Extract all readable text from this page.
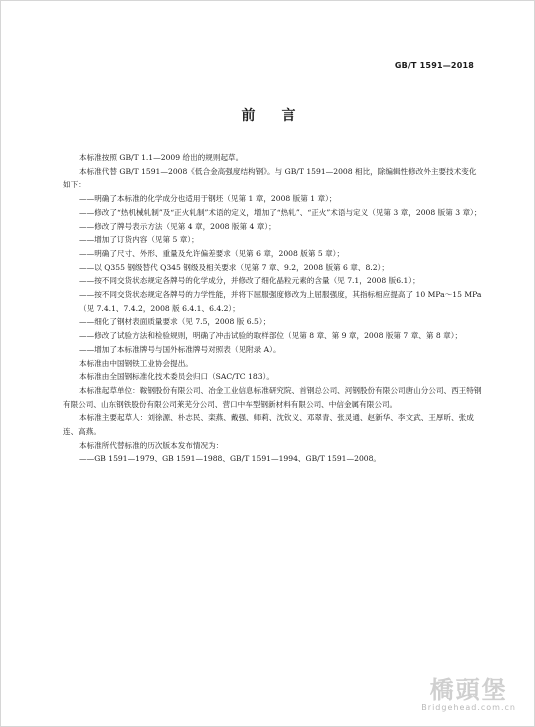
GB/T 1591—2018
前言

本标准按照 GB/T 1.1—2009 给出的规则起草。

本标准代替 GB/T 1591—2008《低合金高强度结构钢》。与 GB/T 1591—2008 相比，除编辑性修改外主要技术变化如下：

——明确了本标准的化学成分也适用于钢坯（见第 1 章，2008 版第 1 章）；

——修改了“热机械轧制”及“正火轧制”术语的定义，增加了“热轧”、“正火”术语与定义（见第 3 章，2008 版第 3 章）；

——修改了牌号表示方法（见第 4 章，2008 版第 4 章）；

——增加了订货内容（见第 5 章）；

——明确了尺寸、外形、重量及允许偏差要求（见第 6 章，2008 版第 5 章）；

——以 Q355 钢级替代 Q345 钢级及相关要求（见第 7 章、9.2，2008 版第 6 章、8.2）；

——按不同交货状态规定各牌号的化学成分，并修改了细化晶粒元素的含量（见 7.1，2008 版6.1）；

——按不同交货状态规定各牌号的力学性能，并将下屈服强度修改为上屈服强度，其指标相应提高了 10 MPa～15 MPa（见 7.4.1、7.4.2，2008 版 6.4.1、6.4.2）；

——细化了钢材表面质量要求（见 7.5，2008 版 6.5）；

——修改了试验方法和检验规则，明确了冲击试验的取样部位（见第 8 章、第 9 章，2008 版第 7 章、第 8 章）；

——增加了本标准牌号与国外标准牌号对照表（见附录 A）。

本标准由中国钢铁工业协会提出。

本标准由全国钢标准化技术委员会归口（SAC/TC 183）。

本标准起草单位：鞍钢股份有限公司、冶金工业信息标准研究院、首钢总公司、河钢股份有限公司唐山分公司、西王特钢有限公司、山东钢铁股份有限公司莱芜分公司、营口中车型钢新材料有限公司、中信金属有限公司。

本标准主要起草人：刘徐源、朴志民、栾燕、戴强、师莉、沈钦义、邓翠青、张灵通、赵新华、李文武、王厚昕、张成连、高燕。

本标准所代替标准的历次版本发布情况为：

——GB 1591—1979、GB 1591—1988、GB/T 1591—1994、GB/T 1591—2008。

橋頭堡
Bridgehead.com.cn
